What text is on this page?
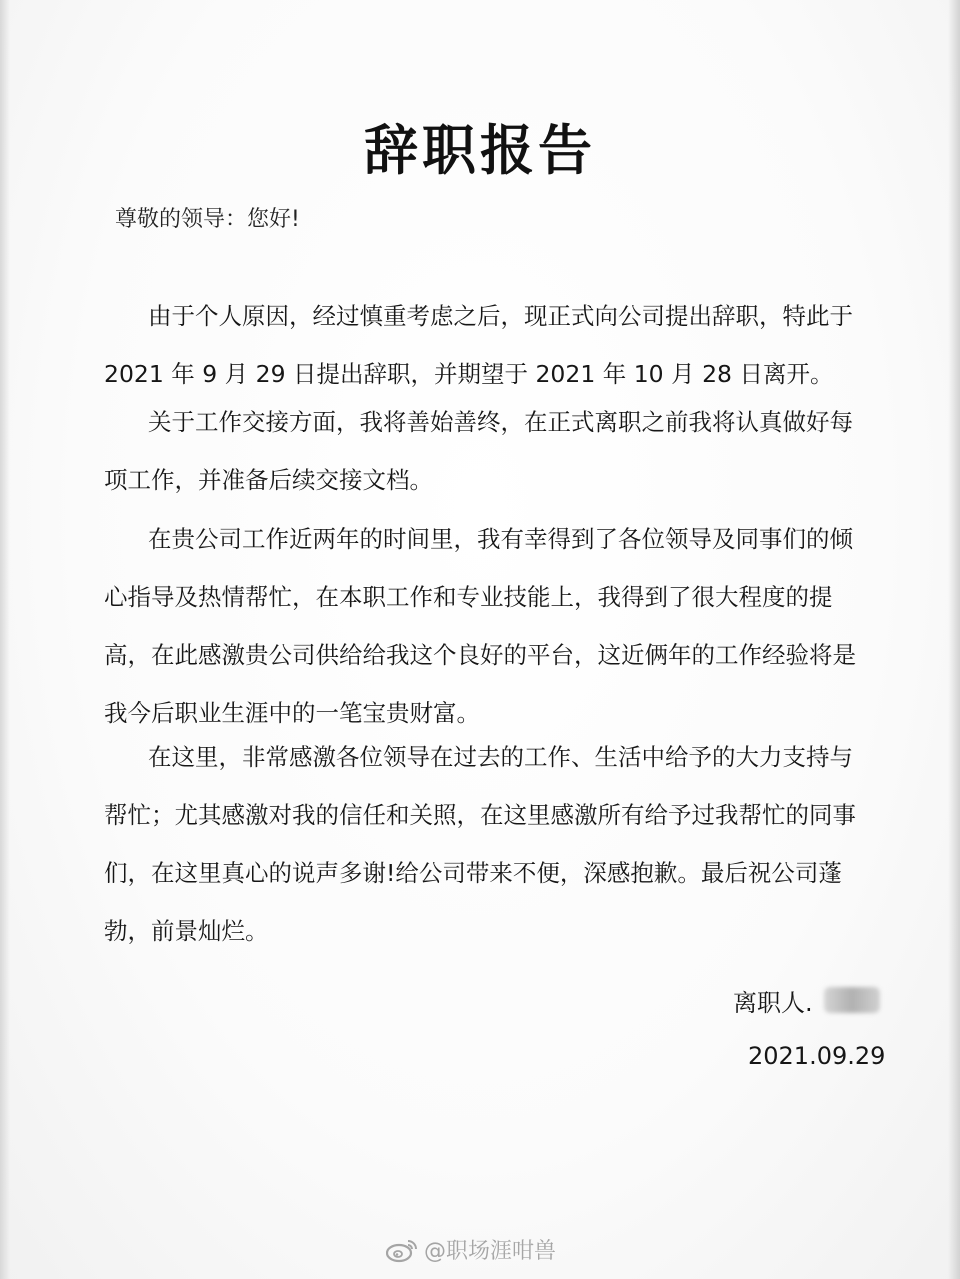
辞职报告
尊敬的领导：您好!

由于个人原因，经过慎重考虑之后，现正式向公司提出辞职，特此于 2021 年 9 月 29 日提出辞职，并期望于 2021 年 10 月 28 日离开。

关于工作交接方面，我将善始善终，在正式离职之前我将认真做好每项工作，并准备后续交接文档。

在贵公司工作近两年的时间里，我有幸得到了各位领导及同事们的倾心指导及热情帮忙，在本职工作和专业技能上，我得到了很大程度的提高，在此感激贵公司供给给我这个良好的平台，这近俩年的工作经验将是我今后职业生涯中的一笔宝贵财富。

在这里，非常感激各位领导在过去的工作、生活中给予的大力支持与帮忙；尤其感激对我的信任和关照，在这里感激所有给予过我帮忙的同事们，在这里真心的说声多谢!给公司带来不便，深感抱歉。最后祝公司蓬勃，前景灿烂。

离职人.
2021.09.29
@职场涯咁兽
